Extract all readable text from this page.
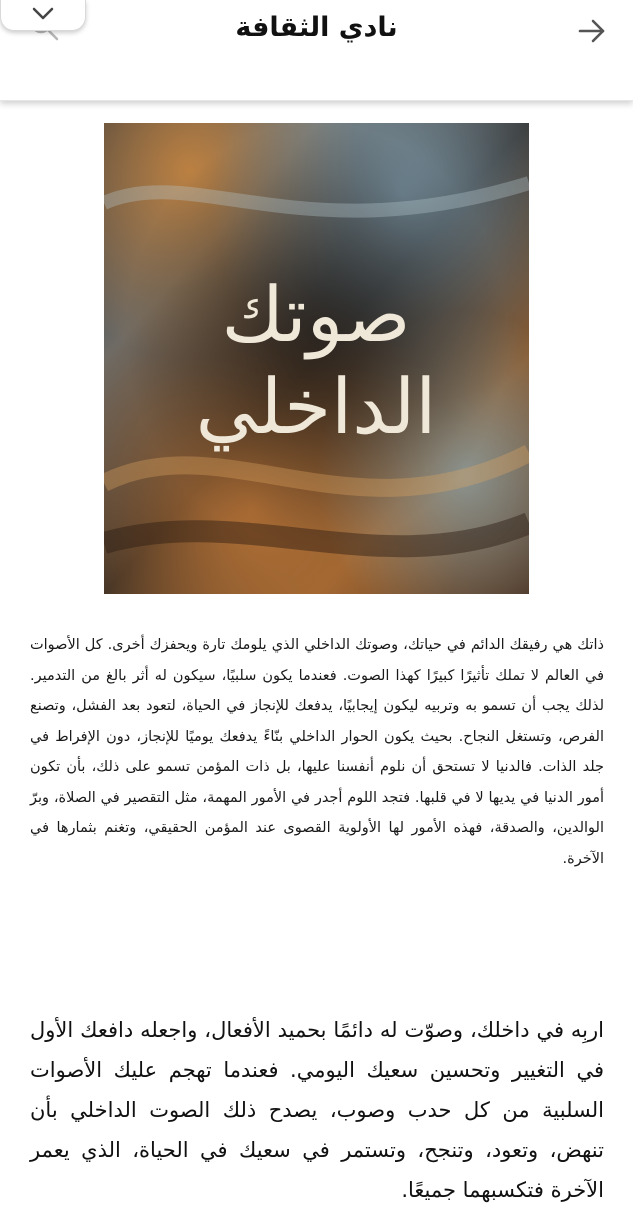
نادي الثقافة
صوتك
الداخلي

ذاتك هي رفيقك الدائم في حياتك، وصوتك الداخلي الذي يلومك تارة ويحفزك أخرى. كل الأصوات في العالم لا تملك تأثيرًا كبيرًا كهذا الصوت. فعندما يكون سلبيًا، سيكون له أثر بالغ من التدمير. لذلك يجب أن تسمو به وتربيه ليكون إيجابيًا، يدفعك للإنجاز في الحياة، لتعود بعد الفشل، وتصنع الفرص، وتستغل النجاح. بحيث يكون الحوار الداخلي بنّاءً يدفعك يوميًا للإنجاز، دون الإفراط في جلد الذات. فالدنيا لا تستحق أن نلوم أنفسنا عليها، بل ذات المؤمن تسمو على ذلك، بأن تكون أمور الدنيا في يديها لا في قلبها. فتجد اللوم أجدر في الأمور المهمة، مثل التقصير في الصلاة، وبرّ الوالدين، والصدقة، فهذه الأمور لها الأولوية القصوى عند المؤمن الحقيقي، وتغنم بثمارها في الآخرة.

اربِه في داخلك، وصوّت له دائمًا بحميد الأفعال، واجعله دافعك الأول في التغيير وتحسين سعيك اليومي. فعندما تهجم عليك الأصوات السلبية من كل حدب وصوب، يصدح ذلك الصوت الداخلي بأن تنهض، وتعود، وتنجح، وتستمر في سعيك في الحياة، الذي يعمر الآخرة فتكسبهما جميعًا.
